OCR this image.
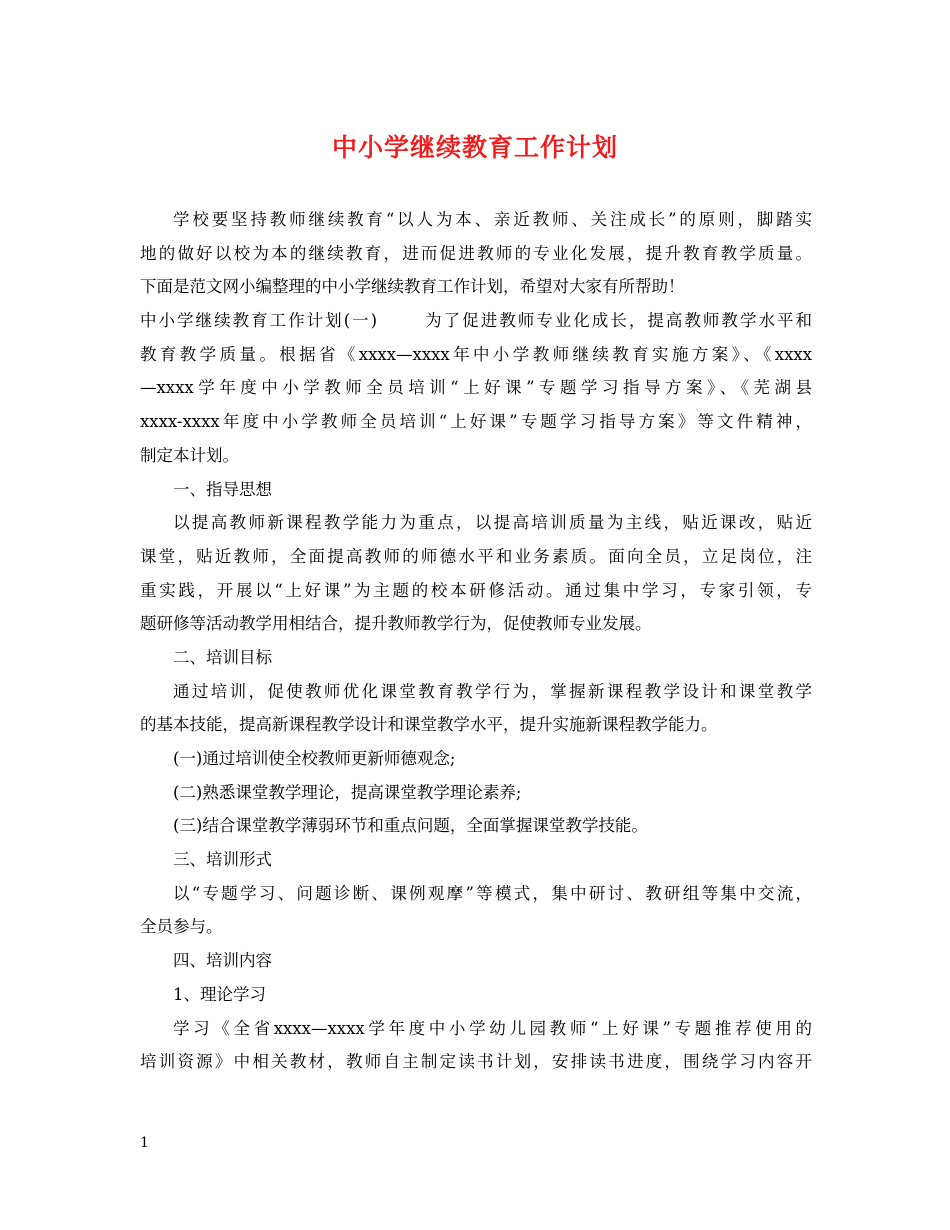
中小学继续教育工作计划
学校要坚持教师继续教育“以人为本、亲近教师、关注成长”的原则，脚踏实
地的做好以校为本的继续教育，进而促进教师的专业化发展，提升教育教学质量。
下面是范文网小编整理的中小学继续教育工作计划，希望对大家有所帮助！
中小学继续教育工作计划(一)	为了促进教师专业化成长，提高教师教学水平和
教育教学质量。根据省《xxxx—xxxx年中小学教师继续教育实施方案》、《xxxx
—xxxx学年度中小学教师全员培训“上好课”专题学习指导方案》、《芜湖县
xxxx-xxxx年度中小学教师全员培训“上好课”专题学习指导方案》等文件精神，
制定本计划。
一、指导思想
以提高教师新课程教学能力为重点，以提高培训质量为主线，贴近课改，贴近
课堂，贴近教师，全面提高教师的师德水平和业务素质。面向全员，立足岗位，注
重实践，开展以“上好课”为主题的校本研修活动。通过集中学习，专家引领，专
题研修等活动教学用相结合，提升教师教学行为，促使教师专业发展。
二、培训目标
通过培训，促使教师优化课堂教育教学行为，掌握新课程教学设计和课堂教学
的基本技能，提高新课程教学设计和课堂教学水平，提升实施新课程教学能力。
(一)通过培训使全校教师更新师德观念;
(二)熟悉课堂教学理论，提高课堂教学理论素养;
(三)结合课堂教学薄弱环节和重点问题，全面掌握课堂教学技能。
三、培训形式
以“专题学习、问题诊断、课例观摩”等模式，集中研讨、教研组等集中交流，
全员参与。
四、培训内容
1、理论学习
学习《全省xxxx—xxxx学年度中小学幼儿园教师“上好课”专题推荐使用的
培训资源》中相关教材，教师自主制定读书计划，安排读书进度，围绕学习内容开
1
